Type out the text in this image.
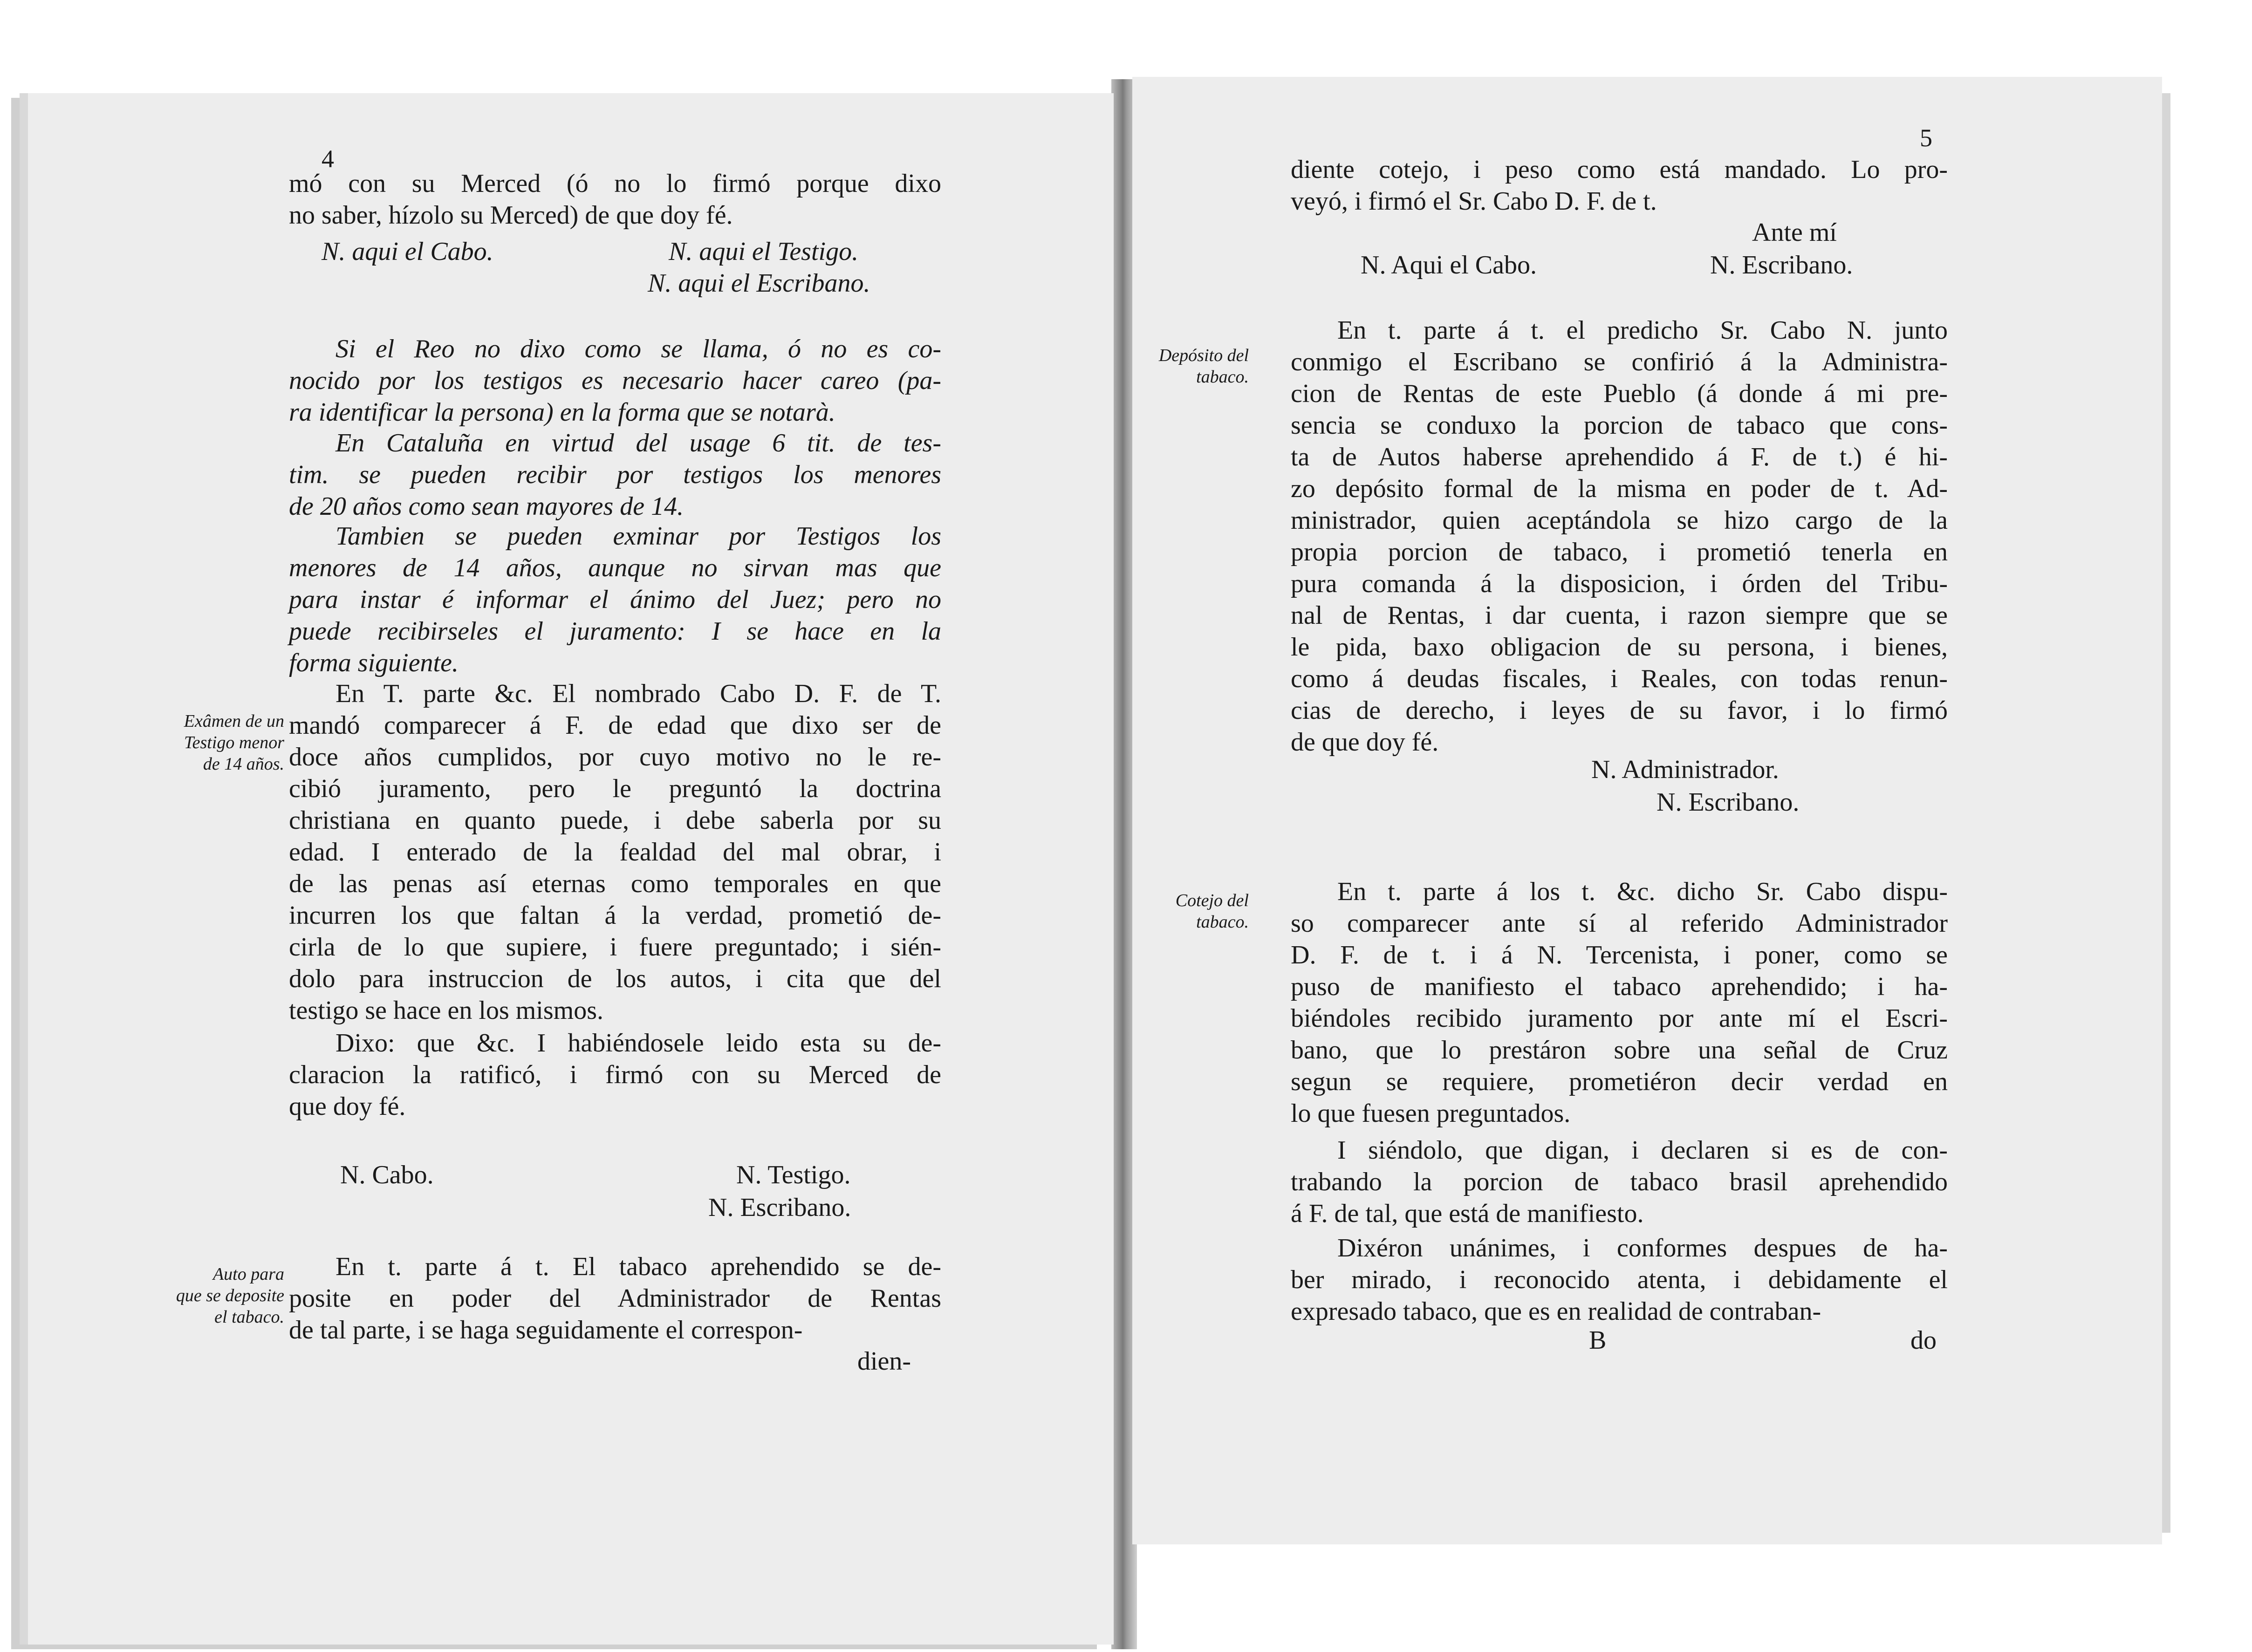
4
mó con su Merced (ó no lo firmó porque dixo
no saber, hízolo su Merced) de que doy fé.
N. aqui el Cabo.	N. aqui el Testigo.
N. aqui el Escribano.
Si el Reo no dixo como se llama, ó no es co-
nocido por los testigos es necesario hacer careo (pa-
ra identificar la persona) en la forma que se notarà.
En Cataluña en virtud del usage 6 tit. de tes-
tim. se pueden recibir por testigos los menores
de 20 años como sean mayores de 14.
Tambien se pueden exminar por Testigos los
menores de 14 años, aunque no sirvan mas que
para instar é informar el ánimo del Juez; pero no
puede recibirseles el juramento: I se hace en la
forma siguiente.
Exâmen de un
Testigo menor
de 14 años.
En T. parte &c. El nombrado Cabo D. F. de T.
mandó comparecer á F. de edad que dixo ser de
doce años cumplidos, por cuyo motivo no le re-
cibió juramento, pero le preguntó la doctrina
christiana en quanto puede, i debe saberla por su
edad. I enterado de la fealdad del mal obrar, i
de las penas así eternas como temporales en que
incurren los que faltan á la verdad, prometió de-
cirla de lo que supiere, i fuere preguntado; i sién-
dolo para instruccion de los autos, i cita que del
testigo se hace en los mismos.
Dixo: que &c. I habiéndosele leido esta su de-
claracion la ratificó, i firmó con su Merced de
que doy fé.
N. Cabo.	N. Testigo.
N. Escribano.
Auto para
que se deposite
el tabaco.
En t. parte á t. El tabaco aprehendido se de-
posite en poder del Administrador de Rentas
de tal parte, i se haga seguidamente el correspon-
dien-
5
diente cotejo, i peso como está mandado. Lo pro-
veyó, i firmó el Sr. Cabo D. F. de t.
Ante mí
N. Aqui el Cabo.	N. Escribano.
Depósito del
tabaco.
En t. parte á t. el predicho Sr. Cabo N. junto
conmigo el Escribano se confirió á la Administra-
cion de Rentas de este Pueblo (á donde á mi pre-
sencia se conduxo la porcion de tabaco que cons-
ta de Autos haberse aprehendido á F. de t.) é hi-
zo depósito formal de la misma en poder de t. Ad-
ministrador, quien aceptándola se hizo cargo de la
propia porcion de tabaco, i prometió tenerla en
pura comanda á la disposicion, i órden del Tribu-
nal de Rentas, i dar cuenta, i razon siempre que se
le pida, baxo obligacion de su persona, i bienes,
como á deudas fiscales, i Reales, con todas renun-
cias de derecho, i leyes de su favor, i lo firmó
de que doy fé.
N. Administrador.
N. Escribano.
Cotejo del
tabaco.
En t. parte á los t. &c. dicho Sr. Cabo dispu-
so comparecer ante sí al referido Administrador
D. F. de t. i á N. Tercenista, i poner, como se
puso de manifiesto el tabaco aprehendido; i ha-
biéndoles recibido juramento por ante mí el Escri-
bano, que lo prestáron sobre una señal de Cruz
segun se requiere, prometiéron decir verdad en
lo que fuesen preguntados.
I siéndolo, que digan, i declaren si es de con-
trabando la porcion de tabaco brasil aprehendido
á F. de tal, que está de manifiesto.
Dixéron unánimes, i conformes despues de ha-
ber mirado, i reconocido atenta, i debidamente el
expresado tabaco, que es en realidad de contraban-
B	do
